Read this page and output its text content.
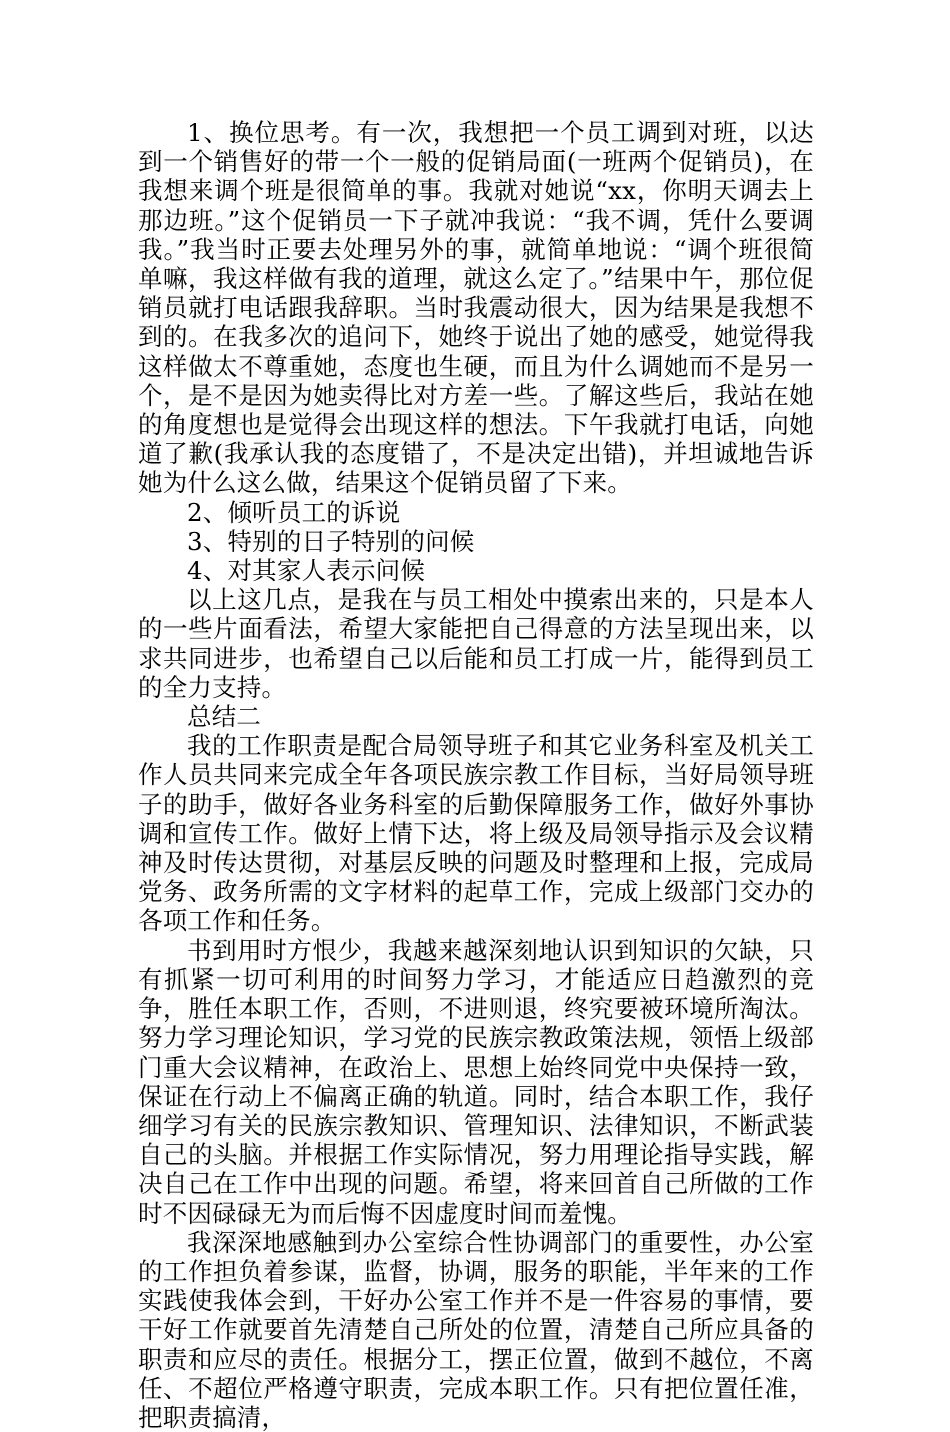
1、换位思考。有一次，我想把一个员工调到对班，以达到一个销售好的带一个一般的促销局面(一班两个促销员)，在我想来调个班是很简单的事。我就对她说“xx，你明天调去上那边班。”这个促销员一下子就冲我说：“我不调，凭什么要调我。”我当时正要去处理另外的事，就简单地说：“调个班很简单嘛，我这样做有我的道理，就这么定了。”结果中午，那位促销员就打电话跟我辞职。当时我震动很大，因为结果是我想不到的。在我多次的追问下，她终于说出了她的感受，她觉得我这样做太不尊重她，态度也生硬，而且为什么调她而不是另一个，是不是因为她卖得比对方差一些。了解这些后，我站在她的角度想也是觉得会出现这样的想法。下午我就打电话，向她道了歉(我承认我的态度错了，不是决定出错)，并坦诚地告诉她为什么这么做，结果这个促销员留了下来。

2、倾听员工的诉说

3、特别的日子特别的问候

4、对其家人表示问候

以上这几点，是我在与员工相处中摸索出来的，只是本人的一些片面看法，希望大家能把自己得意的方法呈现出来，以求共同进步，也希望自己以后能和员工打成一片，能得到员工的全力支持。

总结二

我的工作职责是配合局领导班子和其它业务科室及机关工作人员共同来完成全年各项民族宗教工作目标，当好局领导班子的助手，做好各业务科室的后勤保障服务工作，做好外事协调和宣传工作。做好上情下达，将上级及局领导指示及会议精神及时传达贯彻，对基层反映的问题及时整理和上报，完成局党务、政务所需的文字材料的起草工作，完成上级部门交办的各项工作和任务。

书到用时方恨少，我越来越深刻地认识到知识的欠缺，只有抓紧一切可利用的时间努力学习，才能适应日趋激烈的竞争，胜任本职工作，否则，不进则退，终究要被环境所淘汰。努力学习理论知识，学习党的民族宗教政策法规，领悟上级部门重大会议精神，在政治上、思想上始终同党中央保持一致，保证在行动上不偏离正确的轨道。同时，结合本职工作，我仔细学习有关的民族宗教知识、管理知识、法律知识，不断武装自己的头脑。并根据工作实际情况，努力用理论指导实践，解决自己在工作中出现的问题。希望，将来回首自己所做的工作时不因碌碌无为而后悔不因虚度时间而羞愧。

我深深地感触到办公室综合性协调部门的重要性，办公室的工作担负着参谋，监督，协调，服务的职能，半年来的工作实践使我体会到，干好办公室工作并不是一件容易的事情，要干好工作就要首先清楚自己所处的位置，清楚自己所应具备的职责和应尽的责任。根据分工，摆正位置，做到不越位，不离任、不超位严格遵守职责，完成本职工作。只有把位置任准，把职责搞清，
